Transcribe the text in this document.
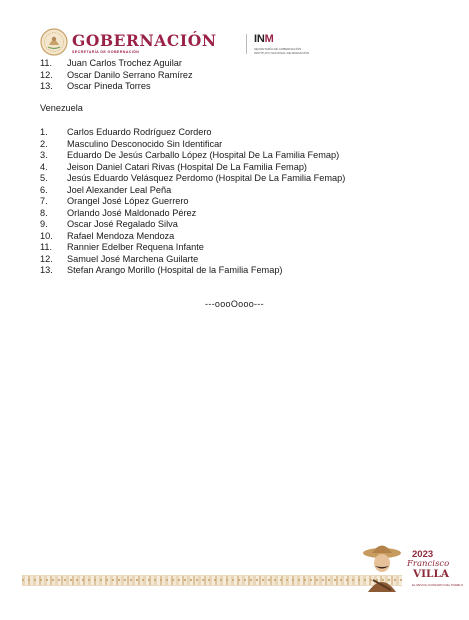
GOBERNACIÓN
SECRETARÍA DE GOBERNACIÓN
INM
SECRETARÍA DE GOBERNACIÓN
INSTITUTO NACIONAL DE MIGRACIÓN
11. Juan Carlos Trochez Aguilar
12. Oscar Danilo Serrano Ramírez
13. Oscar Pineda Torres
Venezuela
1. Carlos Eduardo Rodríguez Cordero
2. Masculino Desconocido Sin Identificar
3. Eduardo De Jesús Carballo López (Hospital De La Familia Femap)
4. Jeison Daniel Catari Rivas (Hospital De La Familia Femap)
5. Jesús Eduardo Velásquez Perdomo (Hospital De La Familia Femap)
6. Joel Alexander Leal Peña
7. Orangel José López Guerrero
8. Orlando José Maldonado Pérez
9. Oscar José Regalado Silva
10. Rafael Mendoza Mendoza
11. Rannier Edelber Requena Infante
12. Samuel José Marchena Guilarte
13. Stefan Arango Morillo (Hospital de la Familia Femap)
---oooOooo---
2023
Francisco
VILLA
EL REVOLUCIONARIO DEL PUEBLO
